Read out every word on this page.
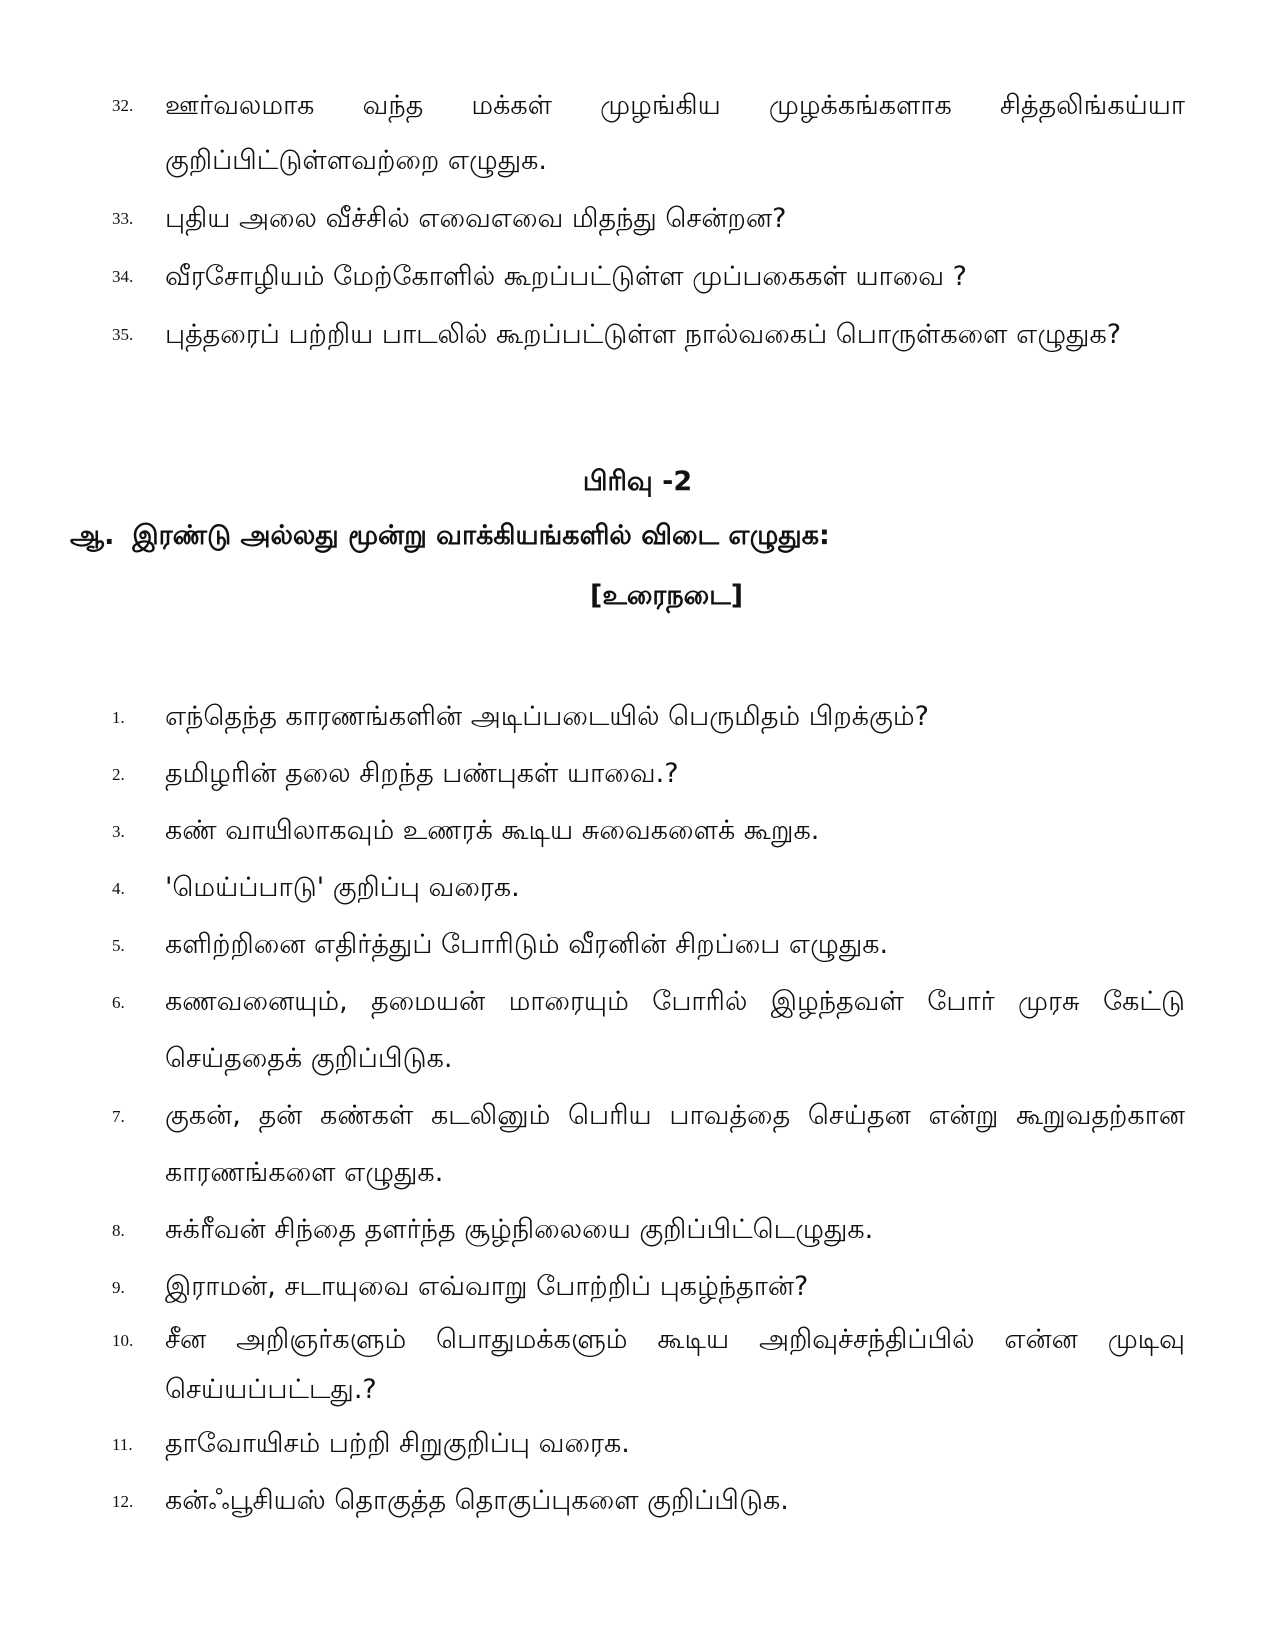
32. ஊர்வலமாக வந்த மக்கள் முழங்கிய முழக்கங்களாக சித்தலிங்கய்யா குறிப்பிட்டுள்ளவற்றை எழுதுக.
33. புதிய அலை வீச்சில் எவைஎவை மிதந்து சென்றன?
34. வீரசோழியம் மேற்கோளில் கூறப்பட்டுள்ள முப்பகைகள் யாவை ?
35. புத்தரைப் பற்றிய பாடலில் கூறப்பட்டுள்ள நால்வகைப் பொருள்களை எழுதுக?
பிரிவு -2
ஆ. இரண்டு அல்லது மூன்று வாக்கியங்களில் விடை எழுதுக:
[உரைநடை]
1. எந்தெந்த காரணங்களின் அடிப்படையில் பெருமிதம் பிறக்கும்?
2. தமிழரின் தலை சிறந்த பண்புகள் யாவை.?
3. கண் வாயிலாகவும் உணரக் கூடிய சுவைகளைக் கூறுக.
4. 'மெய்ப்பாடு' குறிப்பு வரைக.
5. களிற்றினை எதிர்த்துப் போரிடும் வீரனின் சிறப்பை எழுதுக.
6. கணவனையும், தமையன் மாரையும் போரில் இழந்தவள் போர் முரசு கேட்டு செய்ததைக் குறிப்பிடுக.
7. குகன், தன் கண்கள் கடலினும் பெரிய பாவத்தை செய்தன என்று கூறுவதற்கான காரணங்களை எழுதுக.
8. சுக்ரீவன் சிந்தை தளர்ந்த சூழ்நிலையை குறிப்பிட்டெழுதுக.
9. இராமன், சடாயுவை எவ்வாறு போற்றிப் புகழ்ந்தான்?
10. சீன அறிஞர்களும் பொதுமக்களும் கூடிய அறிவுச்சந்திப்பில் என்ன முடிவு செய்யப்பட்டது.?
11. தாவோயிசம் பற்றி சிறுகுறிப்பு வரைக.
12. கன்ஃபூசியஸ் தொகுத்த தொகுப்புகளை குறிப்பிடுக.
